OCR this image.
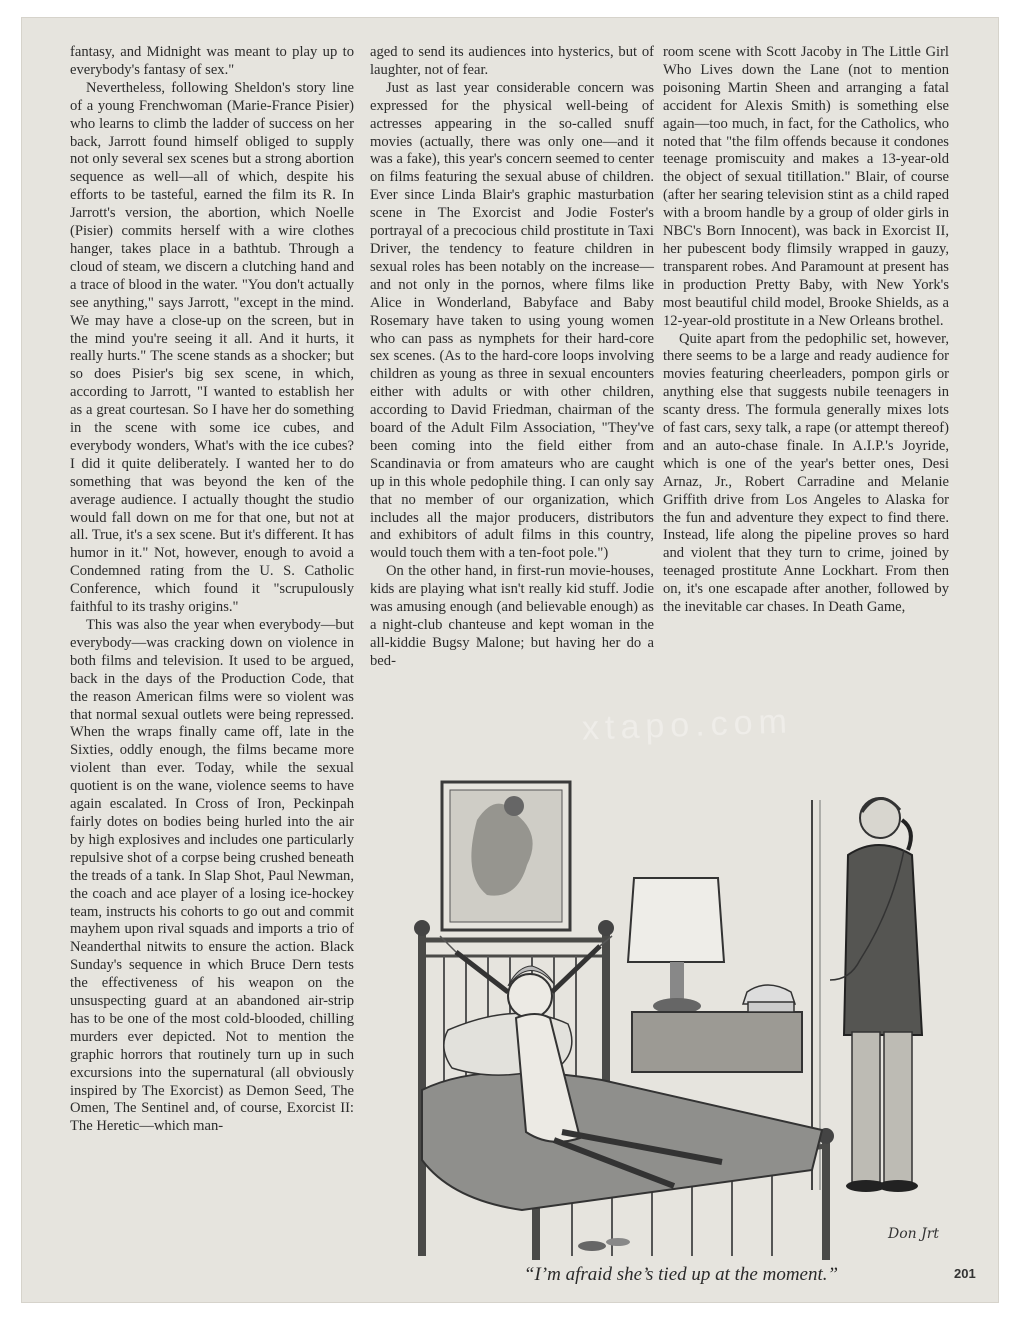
fantasy, and Midnight was meant to play up to everybody's fantasy of sex."

Nevertheless, following Sheldon's story line of a young Frenchwoman (Marie-France Pisier) who learns to climb the ladder of success on her back, Jarrott found himself obliged to supply not only several sex scenes but a strong abortion sequence as well—all of which, despite his efforts to be tasteful, earned the film its R. In Jarrott's version, the abortion, which Noelle (Pisier) commits herself with a wire clothes hanger, takes place in a bathtub. Through a cloud of steam, we discern a clutching hand and a trace of blood in the water. "You don't actually see anything," says Jarrott, "except in the mind. We may have a close-up on the screen, but in the mind you're seeing it all. And it hurts, it really hurts." The scene stands as a shocker; but so does Pisier's big sex scene, in which, according to Jarrott, "I wanted to establish her as a great courtesan. So I have her do something in the scene with some ice cubes, and everybody wonders, What's with the ice cubes? I did it quite deliberately. I wanted her to do something that was beyond the ken of the average audience. I actually thought the studio would fall down on me for that one, but not at all. True, it's a sex scene. But it's different. It has humor in it." Not, however, enough to avoid a Condemned rating from the U. S. Catholic Conference, which found it "scrupulously faithful to its trashy origins."

This was also the year when everybody—but everybody—was cracking down on violence in both films and television. It used to be argued, back in the days of the Production Code, that the reason American films were so violent was that normal sexual outlets were being repressed. When the wraps finally came off, late in the Sixties, oddly enough, the films became more violent than ever. Today, while the sexual quotient is on the wane, violence seems to have again escalated. In Cross of Iron, Peckinpah fairly dotes on bodies being hurled into the air by high explosives and includes one particularly repulsive shot of a corpse being crushed beneath the treads of a tank. In Slap Shot, Paul Newman, the coach and ace player of a losing ice-hockey team, instructs his cohorts to go out and commit mayhem upon rival squads and imports a trio of Neanderthal nitwits to ensure the action. Black Sunday's sequence in which Bruce Dern tests the effectiveness of his weapon on the unsuspecting guard at an abandoned air-strip has to be one of the most cold-blooded, chilling murders ever depicted. Not to mention the graphic horrors that routinely turn up in such excursions into the supernatural (all obviously inspired by The Exorcist) as Demon Seed, The Omen, The Sentinel and, of course, Exorcist II: The Heretic—which man-

aged to send its audiences into hysterics, but of laughter, not of fear.

Just as last year considerable concern was expressed for the physical well-being of actresses appearing in the so-called snuff movies (actually, there was only one—and it was a fake), this year's concern seemed to center on films featuring the sexual abuse of children. Ever since Linda Blair's graphic masturbation scene in The Exorcist and Jodie Foster's portrayal of a precocious child prostitute in Taxi Driver, the tendency to feature children in sexual roles has been notably on the increase—and not only in the pornos, where films like Alice in Wonderland, Babyface and Baby Rosemary have taken to using young women who can pass as nymphets for their hard-core sex scenes. (As to the hard-core loops involving children as young as three in sexual encounters either with adults or with other children, according to David Friedman, chairman of the board of the Adult Film Association, "They've been coming into the field either from Scandinavia or from amateurs who are caught up in this whole pedophile thing. I can only say that no member of our organization, which includes all the major producers, distributors and exhibitors of adult films in this country, would touch them with a ten-foot pole.")

On the other hand, in first-run movie-houses, kids are playing what isn't really kid stuff. Jodie was amusing enough (and believable enough) as a night-club chanteuse and kept woman in the all-kiddie Bugsy Malone; but having her do a bed-

room scene with Scott Jacoby in The Little Girl Who Lives down the Lane (not to mention poisoning Martin Sheen and arranging a fatal accident for Alexis Smith) is something else again—too much, in fact, for the Catholics, who noted that "the film offends because it condones teenage promiscuity and makes a 13-year-old the object of sexual titillation." Blair, of course (after her searing television stint as a child raped with a broom handle by a group of older girls in NBC's Born Innocent), was back in Exorcist II, her pubescent body flimsily wrapped in gauzy, transparent robes. And Paramount at present has in production Pretty Baby, with New York's most beautiful child model, Brooke Shields, as a 12-year-old prostitute in a New Orleans brothel.

Quite apart from the pedophilic set, however, there seems to be a large and ready audience for movies featuring cheerleaders, pompon girls or anything else that suggests nubile teenagers in scanty dress. The formula generally mixes lots of fast cars, sexy talk, a rape (or attempt thereof) and an auto-chase finale. In A.I.P.'s Joyride, which is one of the year's better ones, Desi Arnaz, Jr., Robert Carradine and Melanie Griffith drive from Los Angeles to Alaska for the fun and adventure they expect to find there. Instead, life along the pipeline proves so hard and violent that they turn to crime, joined by teenaged prostitute Anne Lockhart. From then on, it's one escapade after another, followed by the inevitable car chases. In Death Game,

xtapo.com
Don Jrt
“I’m afraid she’s tied up at the moment.”	201
